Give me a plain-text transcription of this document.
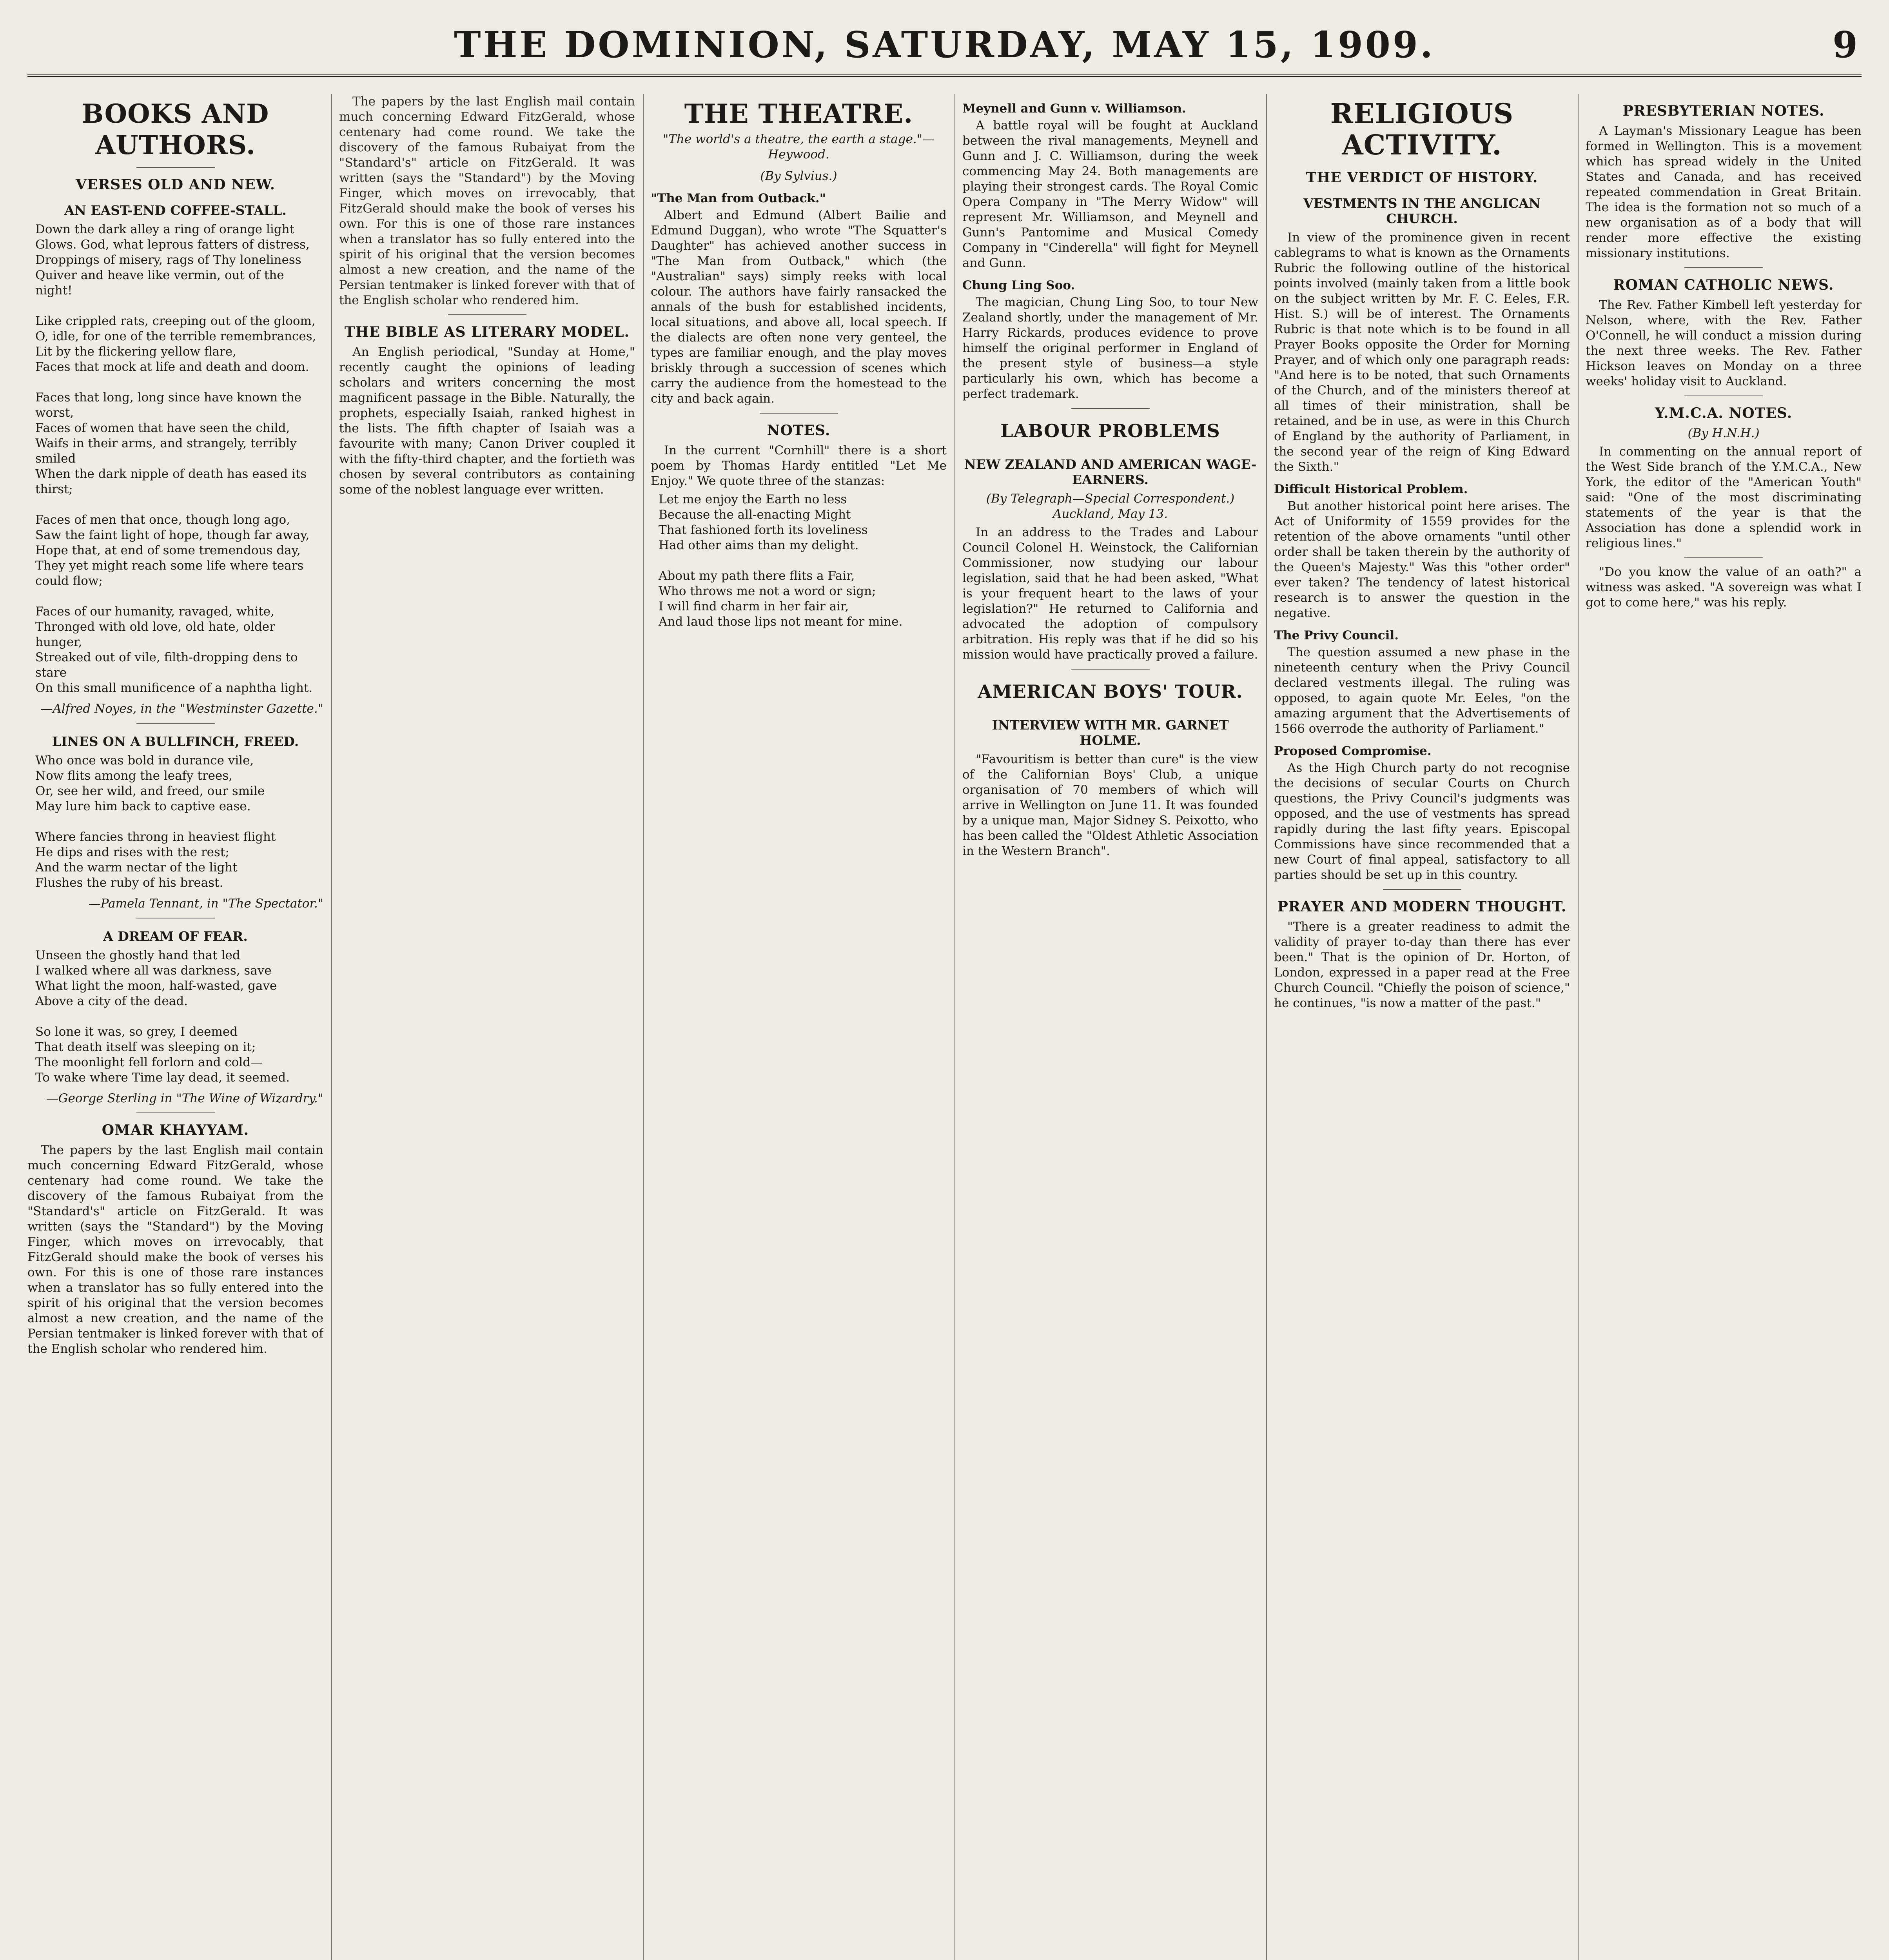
THE DOMINION, SATURDAY, MAY 15, 1909.	9
BOOKS AND AUTHORS.
VERSES OLD AND NEW.
AN EAST-END COFFEE-STALL.
Down the dark alley a ring of orange light
Glows. God, what leprous fatters of distress,
Droppings of misery, rags of Thy loneliness
Quiver and heave like vermin, out of the night!

Like crippled rats, creeping out of the gloom,
O, idle, for one of the terrible remembrances,
Lit by the flickering yellow flare,
Faces that mock at life and death and doom.

Faces that long, long since have known the worst,
Faces of women that have seen the child,
Waifs in their arms, and strangely, terribly smiled
When the dark nipple of death has eased its thirst;

Faces of men that once, though long ago,
Saw the faint light of hope, though far away,
Hope that, at end of some tremendous day,
They yet might reach some life where tears could flow;

Faces of our humanity, ravaged, white,
Thronged with old love, old hate, older hunger,
Streaked out of vile, filth-dropping dens to stare
On this small munificence of a naphtha light.
—Alfred Noyes, in the "Westminster Gazette."
LINES ON A BULLFINCH, FREED.
Who once was bold in durance vile,
Now flits among the leafy trees,
Or, see her wild, and freed, our smile
May lure him back to captive ease.

Where fancies throng in heaviest flight
He dips and rises with the rest;
And the warm nectar of the light
Flushes the ruby of his breast.
—Pamela Tennant, in "The Spectator."
A DREAM OF FEAR.
Unseen the ghostly hand that led
I walked where all was darkness, save
What light the moon, half-wasted, gave
Above a city of the dead.

So lone it was, so grey, I deemed
That death itself was sleeping on it;
The moonlight fell forlorn and cold—
To wake where Time lay dead, it seemed.
—George Sterling in "The Wine of Wizardry."
OMAR KHAYYAM.

The papers by the last English mail contain much concerning Edward FitzGerald, whose centenary had come round. We take the discovery of the famous Rubaiyat from the "Standard's" article on FitzGerald. It was written (says the "Standard") by the Moving Finger, which moves on irrevocably, that FitzGerald should make the book of verses his own. For this is one of those rare instances when a translator has so fully entered into the spirit of his original that the version becomes almost a new creation, and the name of the Persian tentmaker is linked forever with that of the English scholar who rendered him.

The papers by the last English mail contain much concerning Edward FitzGerald, whose centenary had come round. We take the discovery of the famous Rubaiyat from the "Standard's" article on FitzGerald. It was written (says the "Standard") by the Moving Finger, which moves on irrevocably, that FitzGerald should make the book of verses his own. For this is one of those rare instances when a translator has so fully entered into the spirit of his original that the version becomes almost a new creation, and the name of the Persian tentmaker is linked forever with that of the English scholar who rendered him.

THE BIBLE AS LITERARY MODEL.

An English periodical, "Sunday at Home," recently caught the opinions of leading scholars and writers concerning the most magnificent passage in the Bible. Naturally, the prophets, especially Isaiah, ranked highest in the lists. The fifth chapter of Isaiah was a favourite with many; Canon Driver coupled it with the fifty-third chapter, and the fortieth was chosen by several contributors as containing some of the noblest language ever written.

THE THEATRE.
"The world's a theatre, the earth a stage."—Heywood.
(By Sylvius.)
"The Man from Outback."

Albert and Edmund (Albert Bailie and Edmund Duggan), who wrote "The Squatter's Daughter" has achieved another success in "The Man from Outback," which (the "Australian" says) simply reeks with local colour. The authors have fairly ransacked the annals of the bush for established incidents, local situations, and above all, local speech. If the dialects are often none very genteel, the types are familiar enough, and the play moves briskly through a succession of scenes which carry the audience from the homestead to the city and back again.

NOTES.

In the current "Cornhill" there is a short poem by Thomas Hardy entitled "Let Me Enjoy." We quote three of the stanzas:

Let me enjoy the Earth no less
Because the all-enacting Might
That fashioned forth its loveliness
Had other aims than my delight.

About my path there flits a Fair,
Who throws me not a word or sign;
I will find charm in her fair air,
And laud those lips not meant for mine.
Meynell and Gunn v. Williamson.

A battle royal will be fought at Auckland between the rival managements, Meynell and Gunn and J. C. Williamson, during the week commencing May 24. Both managements are playing their strongest cards. The Royal Comic Opera Company in "The Merry Widow" will represent Mr. Williamson, and Meynell and Gunn's Pantomime and Musical Comedy Company in "Cinderella" will fight for Meynell and Gunn.

Chung Ling Soo.

The magician, Chung Ling Soo, to tour New Zealand shortly, under the management of Mr. Harry Rickards, produces evidence to prove himself the original performer in England of the present style of business—a style particularly his own, which has become a perfect trademark.

LABOUR PROBLEMS
NEW ZEALAND AND AMERICAN WAGE-EARNERS.
(By Telegraph—Special Correspondent.) Auckland, May 13.

In an address to the Trades and Labour Council Colonel H. Weinstock, the Californian Commissioner, now studying our labour legislation, said that he had been asked, "What is your frequent heart to the laws of your legislation?" He returned to California and advocated the adoption of compulsory arbitration. His reply was that if he did so his mission would have practically proved a failure.

AMERICAN BOYS' TOUR.
INTERVIEW WITH MR. GARNET HOLME.

"Favouritism is better than cure" is the view of the Californian Boys' Club, a unique organisation of 70 members of which will arrive in Wellington on June 11. It was founded by a unique man, Major Sidney S. Peixotto, who has been called the "Oldest Athletic Association in the Western Branch".

RELIGIOUS ACTIVITY.
THE VERDICT OF HISTORY.
VESTMENTS IN THE ANGLICAN CHURCH.

In view of the prominence given in recent cablegrams to what is known as the Ornaments Rubric the following outline of the historical points involved (mainly taken from a little book on the subject written by Mr. F. C. Eeles, F.R. Hist. S.) will be of interest. The Ornaments Rubric is that note which is to be found in all Prayer Books opposite the Order for Morning Prayer, and of which only one paragraph reads: "And here is to be noted, that such Ornaments of the Church, and of the ministers thereof at all times of their ministration, shall be retained, and be in use, as were in this Church of England by the authority of Parliament, in the second year of the reign of King Edward the Sixth."

Difficult Historical Problem.

But another historical point here arises. The Act of Uniformity of 1559 provides for the retention of the above ornaments "until other order shall be taken therein by the authority of the Queen's Majesty." Was this "other order" ever taken? The tendency of latest historical research is to answer the question in the negative.

The Privy Council.

The question assumed a new phase in the nineteenth century when the Privy Council declared vestments illegal. The ruling was opposed, to again quote Mr. Eeles, "on the amazing argument that the Advertisements of 1566 overrode the authority of Parliament."

Proposed Compromise.

As the High Church party do not recognise the decisions of secular Courts on Church questions, the Privy Council's judgments was opposed, and the use of vestments has spread rapidly during the last fifty years. Episcopal Commissions have since recommended that a new Court of final appeal, satisfactory to all parties should be set up in this country.

PRAYER AND MODERN THOUGHT.

"There is a greater readiness to admit the validity of prayer to-day than there has ever been." That is the opinion of Dr. Horton, of London, expressed in a paper read at the Free Church Council. "Chiefly the poison of science," he continues, "is now a matter of the past."

PRESBYTERIAN NOTES.

A Layman's Missionary League has been formed in Wellington. This is a movement which has spread widely in the United States and Canada, and has received repeated commendation in Great Britain. The idea is the formation not so much of a new organisation as of a body that will render more effective the existing missionary institutions.

ROMAN CATHOLIC NEWS.

The Rev. Father Kimbell left yesterday for Nelson, where, with the Rev. Father O'Connell, he will conduct a mission during the next three weeks. The Rev. Father Hickson leaves on Monday on a three weeks' holiday visit to Auckland.

Y.M.C.A. NOTES.
(By H.N.H.)

In commenting on the annual report of the West Side branch of the Y.M.C.A., New York, the editor of the "American Youth" said: "One of the most discriminating statements of the year is that the Association has done a splendid work in religious lines."

"Do you know the value of an oath?" a witness was asked. "A sovereign was what I got to come here," was his reply.
